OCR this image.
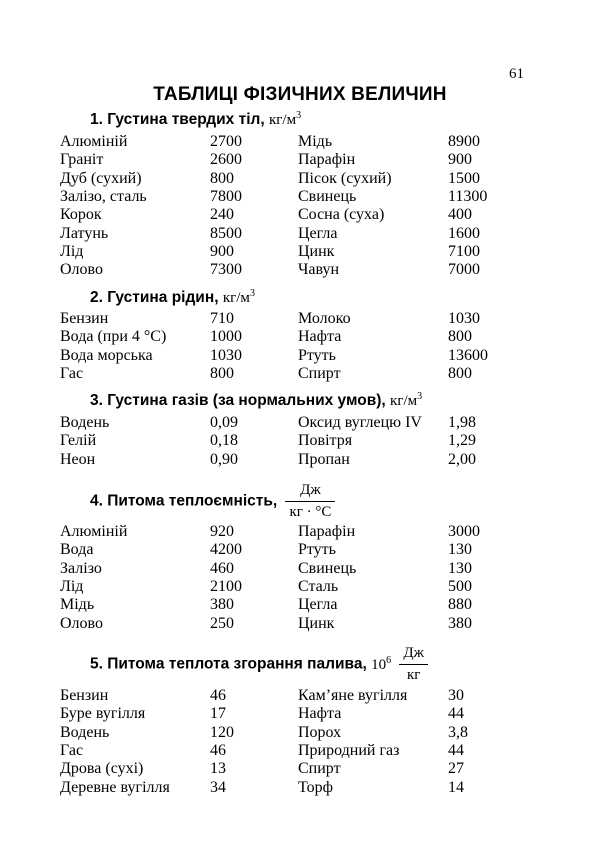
61
ТАБЛИЦІ ФІЗИЧНИХ ВЕЛИЧИН
1. Густина твердих тіл, $кг/м^3$
Алюміній	2700	Мідь	8900
Граніт	2600	Парафін	900
Дуб (сухий)	800	Пісок (сухий)	1500
Залізо, сталь	7800	Свинець	11300
Корок	240	Сосна (суха)	400
Латунь	8500	Цегла	1600
Лід	900	Цинк	7100
Олово	7300	Чавун	7000
2. Густина рідин, $кг/м^3$
Бензин	710	Молоко	1030
Вода (при 4 °С)	1000	Нафта	800
Вода морська	1030	Ртуть	13600
Гас	800	Спирт	800
3. Густина газів (за нормальних умов), $кг/м^3$
Водень	0,09	Оксид вуглецю IV 1,98
Гелій	0,18	Повітря	1,29
Неон	0,90	Пропан	2,00
4. Питома теплоємність, $\frac{Дж}{кг \cdot ^\circ С}$
Алюміній	920	Парафін	3000
Вода	4200	Ртуть	130
Залізо	460	Свинець	130
Лід	2100	Сталь	500
Мідь	380	Цегла	880
Олово	250	Цинк	380
5. Питома теплота згорання палива, $10^6 \frac{Дж}{кг}$
Бензин	46	Кам’яне вугілля	30
Буре вугілля	17	Нафта	44
Водень	120	Порох	3,8
Гас	46	Природний газ	44
Дрова (сухі)	13	Спирт	27
Деревне вугілля	34	Торф	14
